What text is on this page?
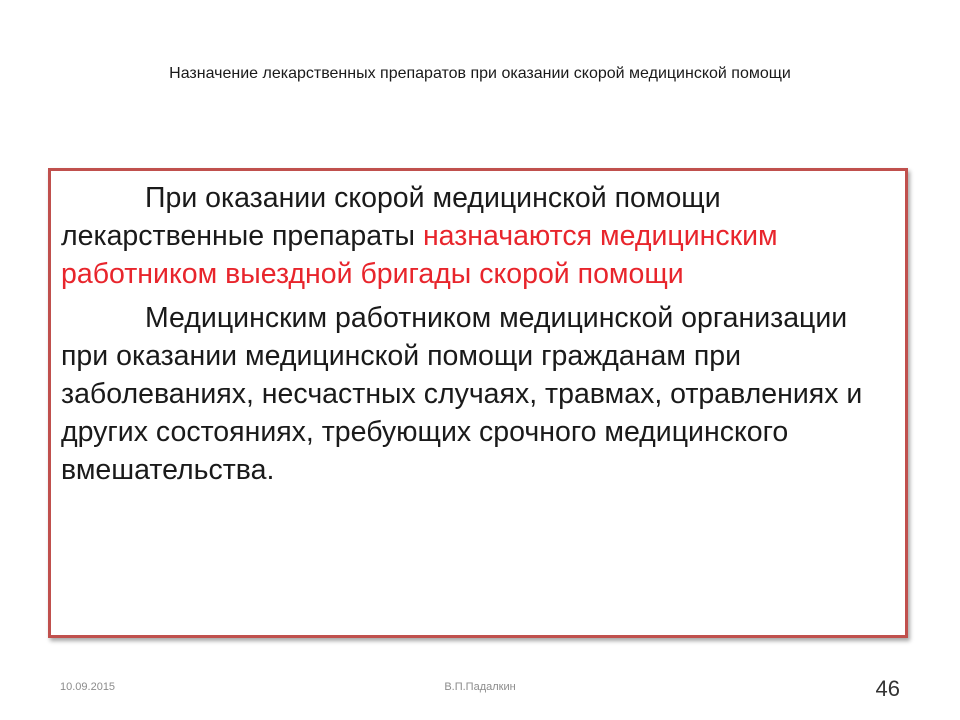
Назначение лекарственных препаратов при оказании скорой медицинской помощи

При оказании скорой медицинской помощи лекарственные препараты назначаются медицинским работником выездной бригады скорой помощи

Медицинским работником медицинской организации при оказании медицинской помощи гражданам при заболеваниях, несчастных случаях, травмах, отравлениях и других состояниях, требующих срочного медицинского вмешательства.

10.09.2015	В.П.Падалкин	46
